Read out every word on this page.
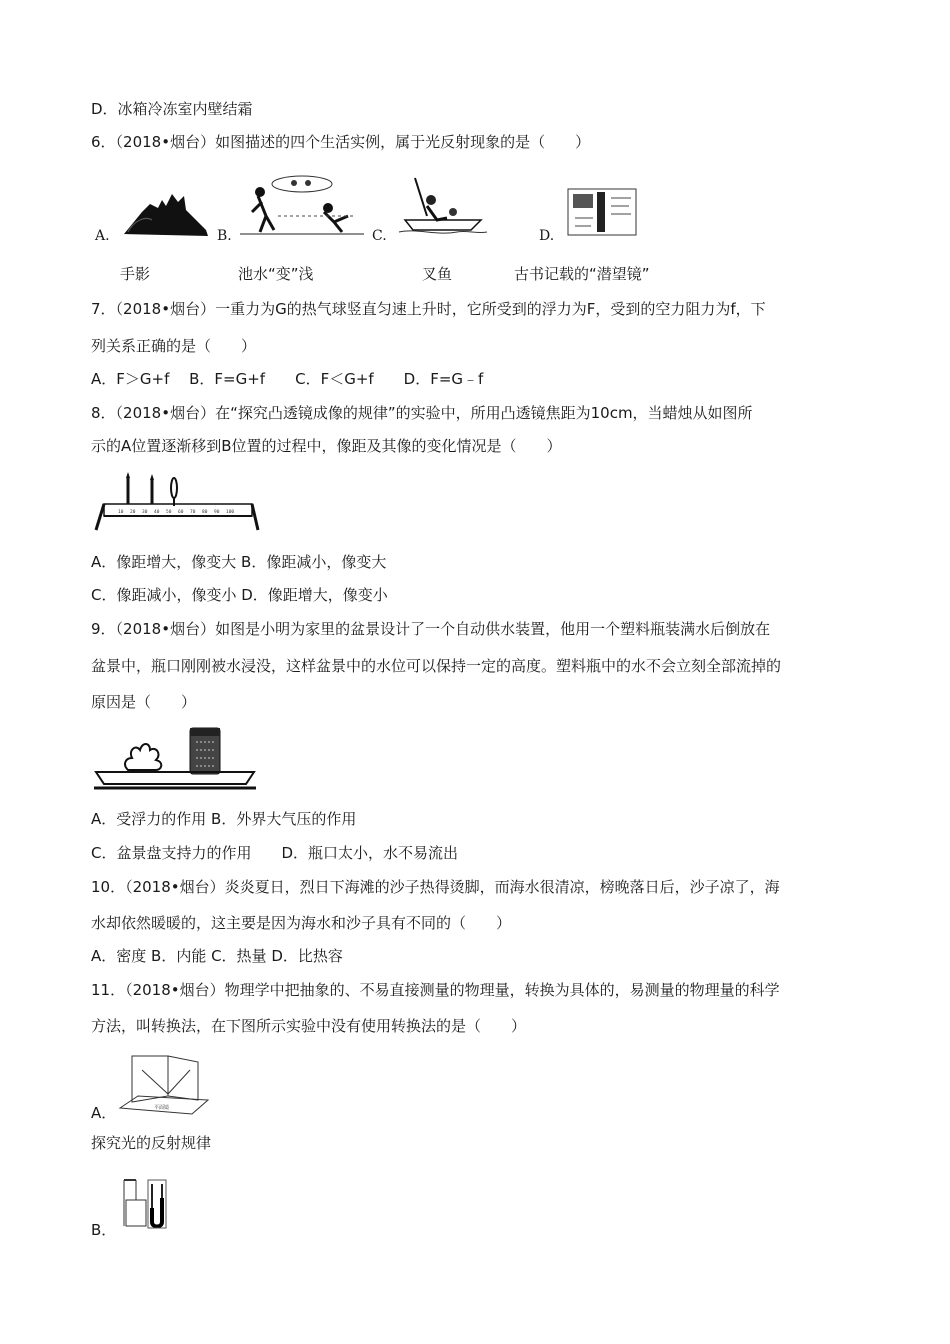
D．冰箱冷冻室内壁结霜
6．（2018•烟台）如图描述的四个生活实例，属于光反射现象的是（　　）
A.	B.	C.	D.
手影	池水“变”浅	叉鱼	古书记载的“潜望镜”
7．（2018•烟台）一重力为G的热气球竖直匀速上升时，它所受到的浮力为F，受到的空力阻力为f，下
列关系正确的是（　　）
A．F＞G+f　 B．F=G+f　　C．F＜G+f　　D．F=G﹣f
8．（2018•烟台）在“探究凸透镜成像的规律”的实验中，所用凸透镜焦距为10cm，当蜡烛从如图所
示的A位置逐渐移到B位置的过程中，像距及其像的变化情况是（　　）
10 20 30 40 50 60 70 80 90 100
A．像距增大，像变大 B．像距减小，像变大
C．像距减小，像变小 D．像距增大，像变小
9．（2018•烟台）如图是小明为家里的盆景设计了一个自动供水装置，他用一个塑料瓶装满水后倒放在
盆景中，瓶口刚刚被水浸没，这样盆景中的水位可以保持一定的高度。塑料瓶中的水不会立刻全部流掉的
原因是（　　）
A．受浮力的作用 B．外界大气压的作用
C．盆景盘支持力的作用　　D．瓶口太小，水不易流出
10．（2018•烟台）炎炎夏日，烈日下海滩的沙子热得烫脚，而海水很清凉，榜晚落日后，沙子凉了，海
水却依然暖暖的，这主要是因为海水和沙子具有不同的（　　）
A．密度 B．内能 C．热量 D．比热容
11．（2018•烟台）物理学中把抽象的、不易直接测量的物理量，转换为具体的，易测量的物理量的科学
方法，叫转换法，在下图所示实验中没有使用转换法的是（　　）
平面镜
A．
探究光的反射规律
B．
